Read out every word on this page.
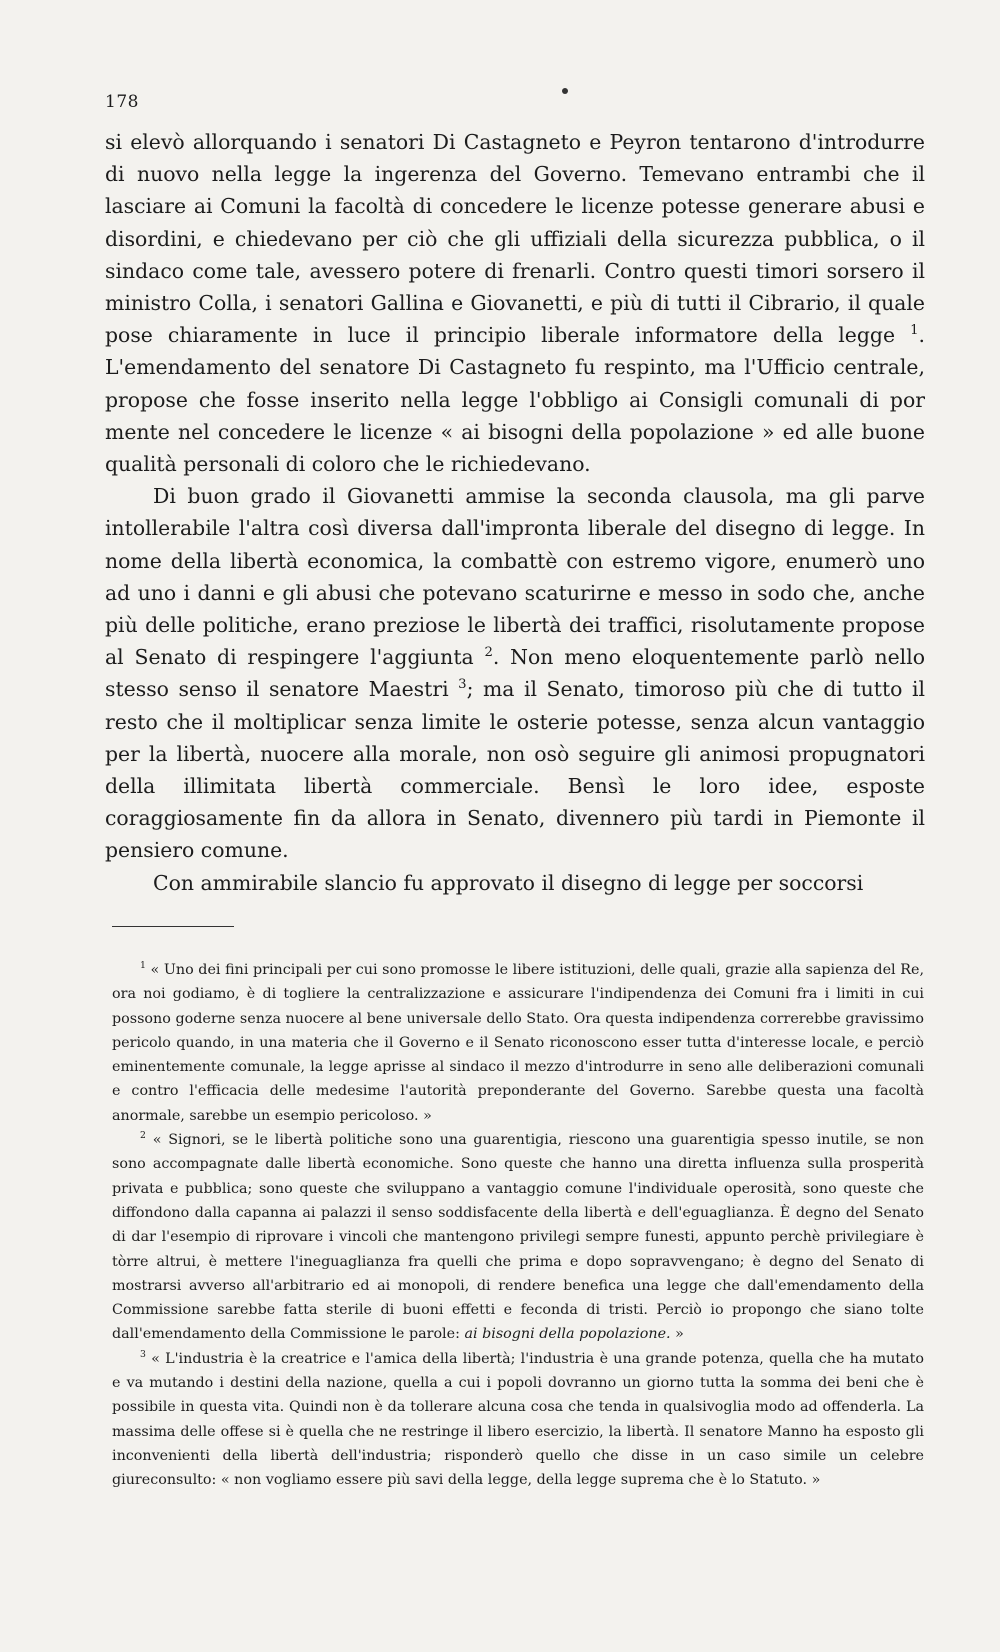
178

si elevò allorquando i senatori Di Castagneto e Peyron tentarono d'introdurre di nuovo nella legge la ingerenza del Governo. Temevano entrambi che il lasciare ai Comuni la facoltà di concedere le licenze potesse generare abusi e disordini, e chiedevano per ciò che gli uffiziali della sicurezza pubblica, o il sindaco come tale, avessero potere di frenarli. Contro questi timori sorsero il ministro Colla, i senatori Gallina e Giovanetti, e più di tutti il Cibrario, il quale pose chiaramente in luce il principio liberale informatore della legge $^1$. L'emendamento del senatore Di Castagneto fu respinto, ma l'Ufficio centrale, propose che fosse inserito nella legge l'obbligo ai Consigli comunali di por mente nel concedere le licenze « ai bisogni della popolazione » ed alle buone qualità personali di coloro che le richiedevano.

Di buon grado il Giovanetti ammise la seconda clausola, ma gli parve intollerabile l'altra così diversa dall'impronta liberale del disegno di legge. In nome della libertà economica, la combattè con estremo vigore, enumerò uno ad uno i danni e gli abusi che potevano scaturirne e messo in sodo che, anche più delle politiche, erano preziose le libertà dei traffici, risolutamente propose al Senato di respingere l'aggiunta $^2$. Non meno eloquentemente parlò nello stesso senso il senatore Maestri $^3$; ma il Senato, timoroso più che di tutto il resto che il moltiplicar senza limite le osterie potesse, senza alcun vantaggio per la libertà, nuocere alla morale, non osò seguire gli animosi propugnatori della illimitata libertà commerciale. Bensì le loro idee, esposte coraggiosamente fin da allora in Senato, divennero più tardi in Piemonte il pensiero comune.

Con ammirabile slancio fu approvato il disegno di legge per soccorsi

$^1$ « Uno dei fini principali per cui sono promosse le libere istituzioni, delle quali, grazie alla sapienza del Re, ora noi godiamo, è di togliere la centralizzazione e assicurare l'indipendenza dei Comuni fra i limiti in cui possono goderne senza nuocere al bene universale dello Stato. Ora questa indipendenza correrebbe gravissimo pericolo quando, in una materia che il Governo e il Senato riconoscono esser tutta d'interesse locale, e perciò eminentemente comunale, la legge aprisse al sindaco il mezzo d'introdurre in seno alle deliberazioni comunali e contro l'efficacia delle medesime l'autorità preponderante del Governo. Sarebbe questa una facoltà anormale, sarebbe un esempio pericoloso. »

$^2$ « Signori, se le libertà politiche sono una guarentigia, riescono una guarentigia spesso inutile, se non sono accompagnate dalle libertà economiche. Sono queste che hanno una diretta influenza sulla prosperità privata e pubblica; sono queste che sviluppano a vantaggio comune l'individuale operosità, sono queste che diffondono dalla capanna ai palazzi il senso soddisfacente della libertà e dell'eguaglianza. È degno del Senato di dar l'esempio di riprovare i vincoli che mantengono privilegi sempre funesti, appunto perchè privilegiare è tòrre altrui, è mettere l'ineguaglianza fra quelli che prima e dopo sopravvengano; è degno del Senato di mostrarsi avverso all'arbitrario ed ai monopoli, di rendere benefica una legge che dall'emendamento della Commissione sarebbe fatta sterile di buoni effetti e feconda di tristi. Perciò io propongo che siano tolte dall'emendamento della Commissione le parole: ai bisogni della popolazione. »

$^3$ « L'industria è la creatrice e l'amica della libertà; l'industria è una grande potenza, quella che ha mutato e va mutando i destini della nazione, quella a cui i popoli dovranno un giorno tutta la somma dei beni che è possibile in questa vita. Quindi non è da tollerare alcuna cosa che tenda in qualsivoglia modo ad offenderla. La massima delle offese si è quella che ne restringe il libero esercizio, la libertà. Il senatore Manno ha esposto gli inconvenienti della libertà dell'industria; risponderò quello che disse in un caso simile un celebre giureconsulto: « non vogliamo essere più savi della legge, della legge suprema che è lo Statuto. »
